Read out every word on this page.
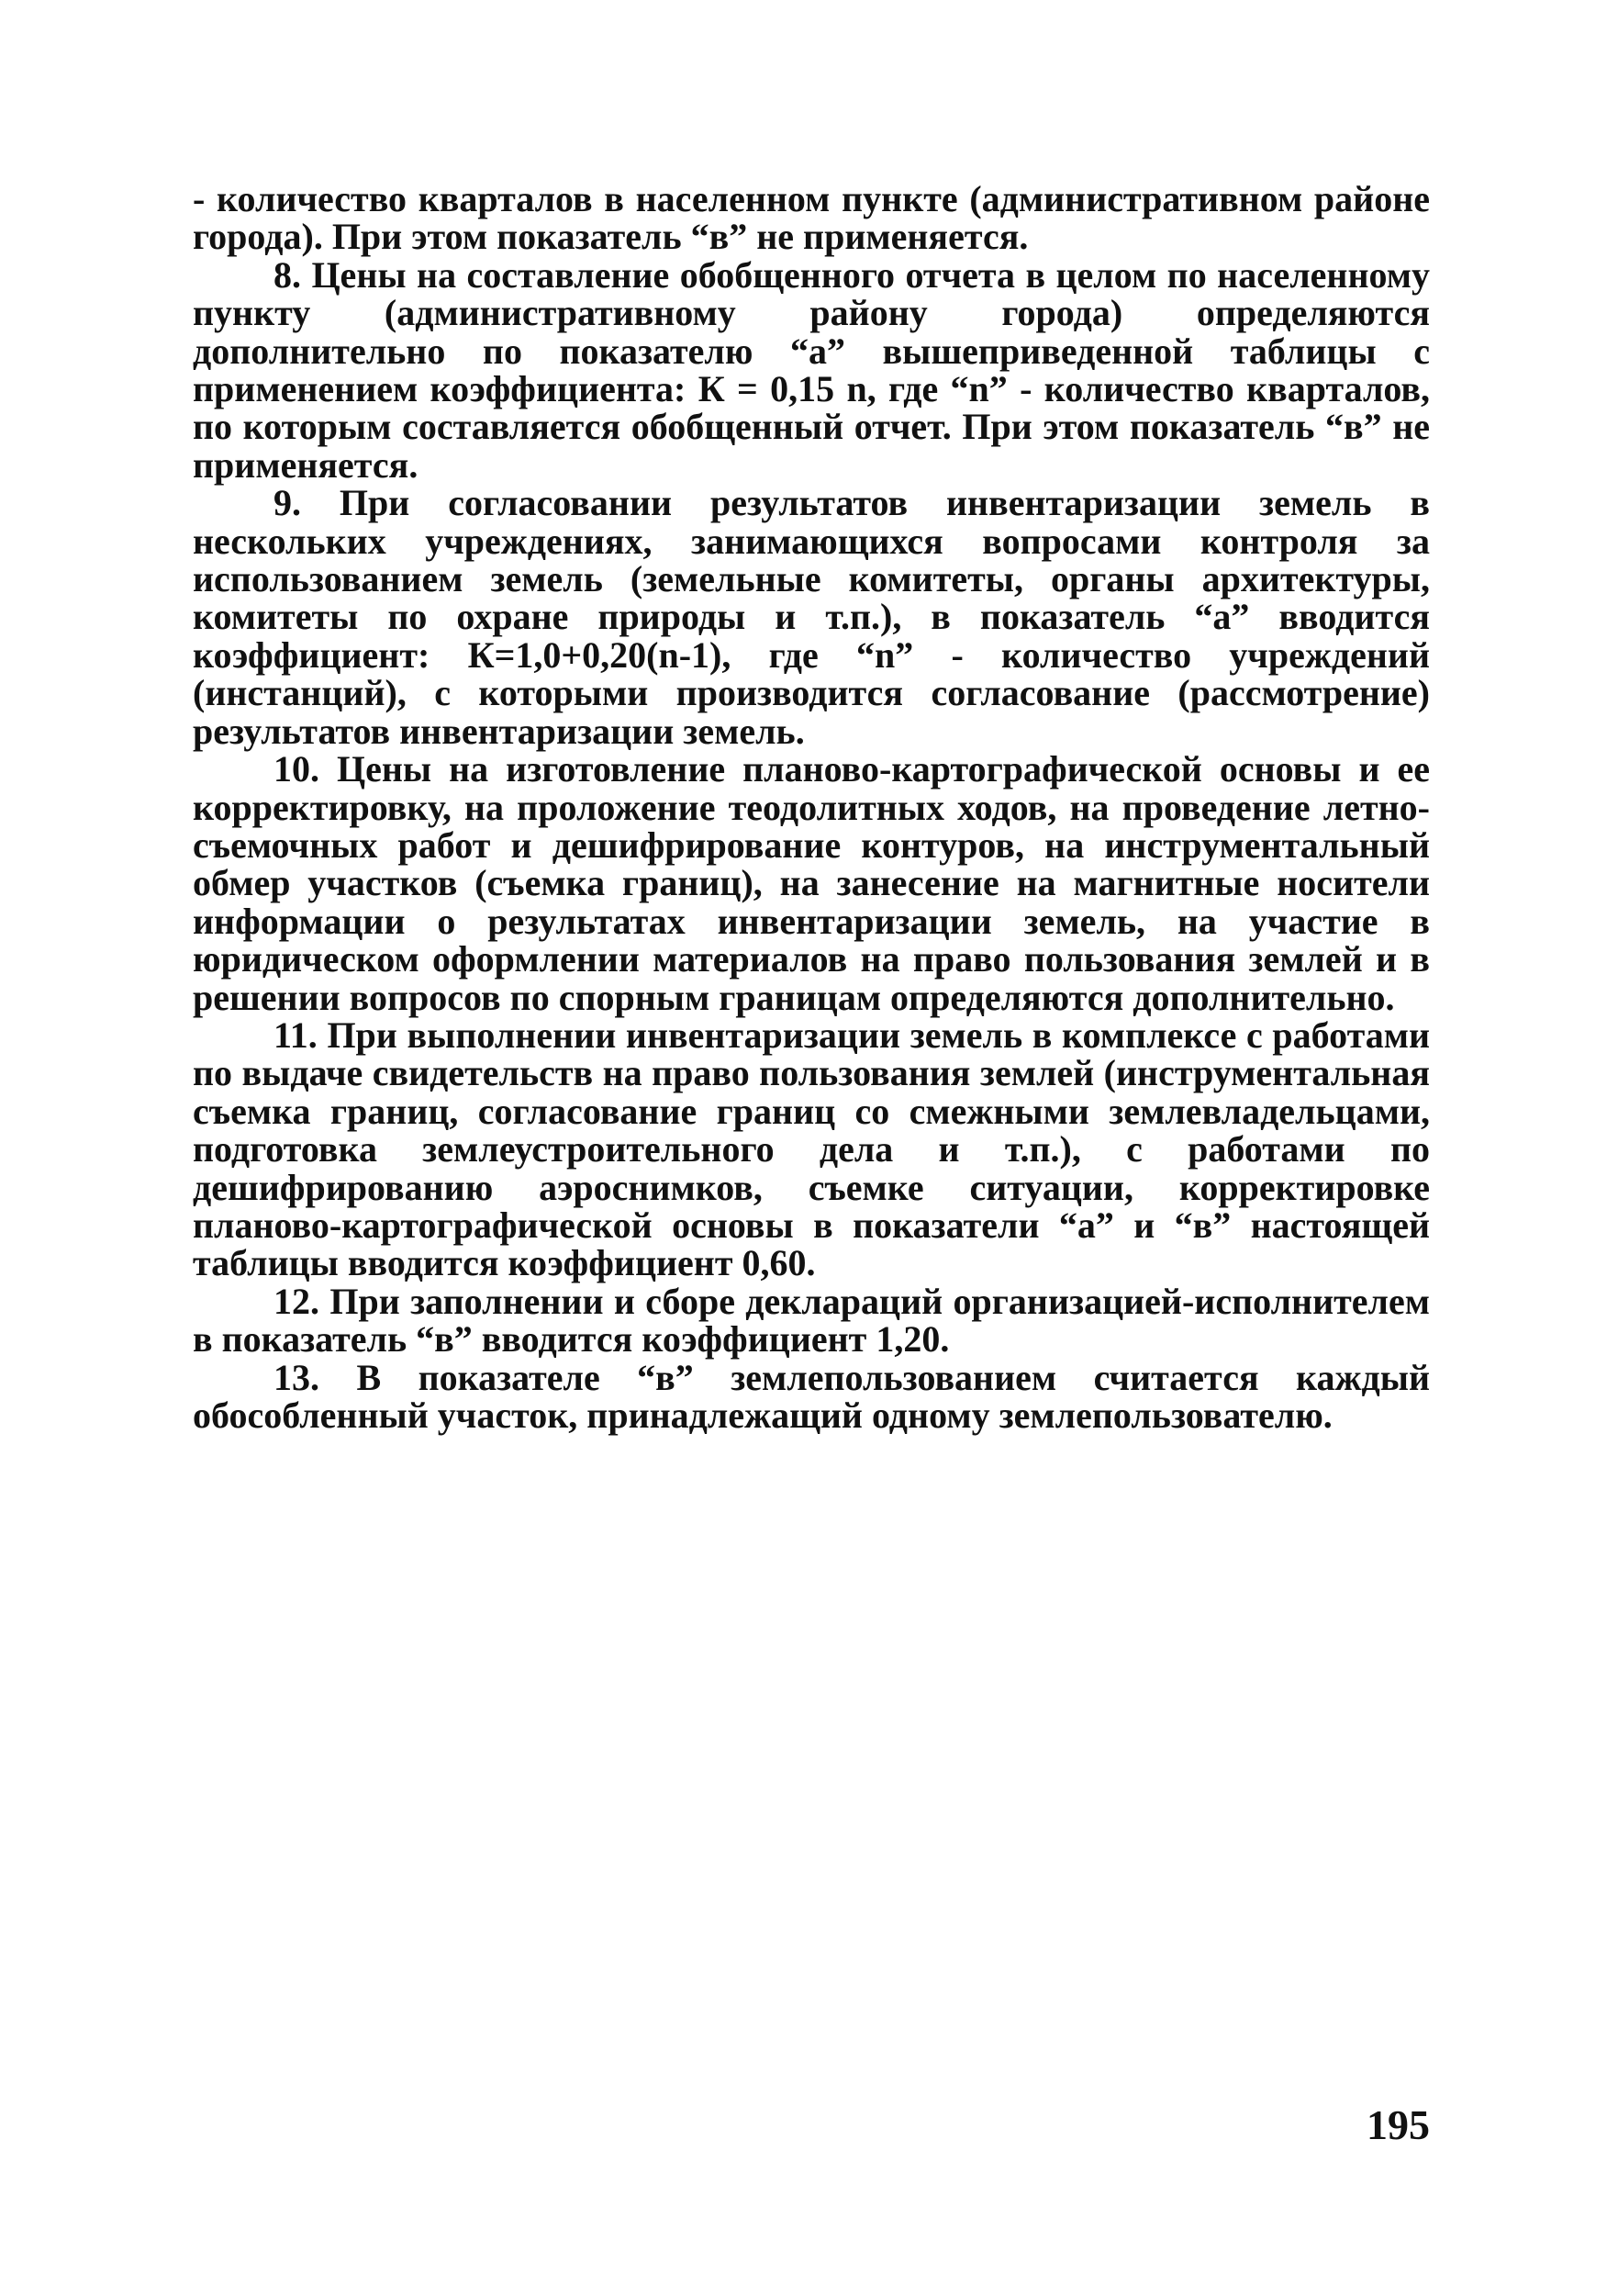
- количество кварталов в населенном пункте (административном районе города). При этом показатель “в” не применяется.

8. Цены на составление обобщенного отчета в целом по населенному пункту (административному району города) определяются дополнительно по показателю “а” вышеприведенной таблицы с применением коэффициента: К = 0,15 n, где “n” - количество кварталов, по которым составляется обобщенный отчет. При этом показатель “в” не применяется.

9. При согласовании результатов инвентаризации земель в нескольких учреждениях, занимающихся вопросами контроля за использованием земель (земельные комитеты, органы архитектуры, комитеты по охране природы и т.п.), в показатель “а” вводится коэффициент: К=1,0+0,20(n-1), где “n” - количество учреждений (инстанций), с которыми производится согласование (рассмотрение) результатов инвентаризации земель.

10. Цены на изготовление планово-картографической основы и ее корректировку, на проложение теодолитных ходов, на проведение летно-съемочных работ и дешифрирование контуров, на инструментальный обмер участков (съемка границ), на занесение на магнитные носители информации о результатах инвентаризации земель, на участие в юридическом оформлении материалов на право пользования землей и в решении вопросов по спорным границам определяются дополнительно.

11. При выполнении инвентаризации земель в комплексе с работами по выдаче свидетельств на право пользования землей (инструментальная съемка границ, согласование границ со смежными землевладельцами, подготовка землеустроительного дела и т.п.), с работами по дешифрированию аэроснимков, съемке ситуации, корректировке планово-картографической основы в показатели “а” и “в” настоящей таблицы вводится коэффициент 0,60.

12. При заполнении и сборе деклараций организацией-исполнителем в показатель “в” вводится коэффициент 1,20.

13. В показателе “в” землепользованием считается каждый обособленный участок, принадлежащий одному землепользователю.

195
